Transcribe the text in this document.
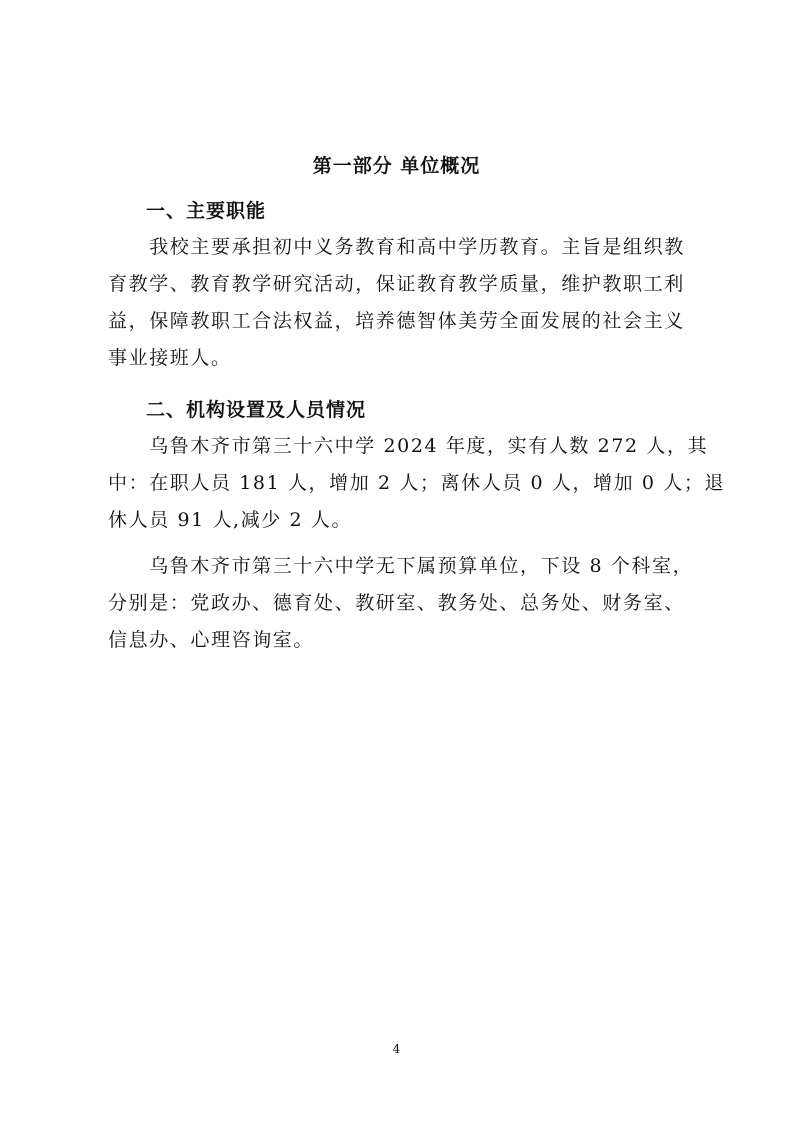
第一部分 单位概况
一、主要职能
　　我校主要承担初中义务教育和高中学历教育。主旨是组织教
育教学、教育教学研究活动，保证教育教学质量，维护教职工利
益，保障教职工合法权益，培养德智体美劳全面发展的社会主义
事业接班人。
二、机构设置及人员情况
　　乌鲁木齐市第三十六中学 2024 年度，实有人数 272 人，其
中：在职人员 181 人，增加 2 人；离休人员 0 人，增加 0 人；退
休人员 91 人,减少 2 人。
　　乌鲁木齐市第三十六中学无下属预算单位，下设 8 个科室，
分别是：党政办、德育处、教研室、教务处、总务处、财务室、
信息办、心理咨询室。
4
